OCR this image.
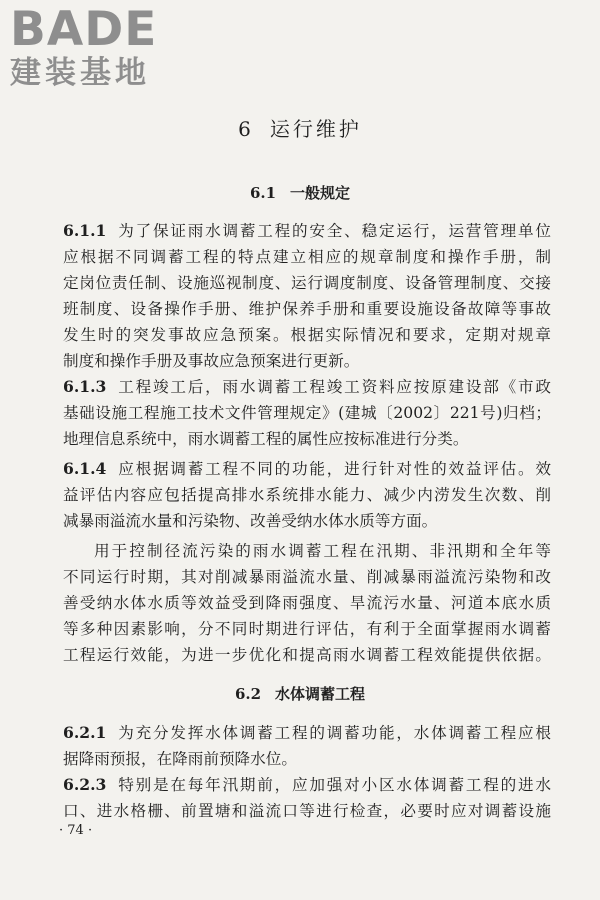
BADE
建装基地
6 运行维护
6.1 一般规定
6.1.1 为了保证雨水调蓄工程的安全、稳定运行，运营管理单位
应根据不同调蓄工程的特点建立相应的规章制度和操作手册，制
定岗位责任制、设施巡视制度、运行调度制度、设备管理制度、交接
班制度、设备操作手册、维护保养手册和重要设施设备故障等事故
发生时的突发事故应急预案。根据实际情况和要求，定期对规章
制度和操作手册及事故应急预案进行更新。
6.1.3 工程竣工后，雨水调蓄工程竣工资料应按原建设部《市政
基础设施工程施工技术文件管理规定》(建城〔2002〕221号)归档；
地理信息系统中，雨水调蓄工程的属性应按标准进行分类。
6.1.4 应根据调蓄工程不同的功能，进行针对性的效益评估。效
益评估内容应包括提高排水系统排水能力、减少内涝发生次数、削
减暴雨溢流水量和污染物、改善受纳水体水质等方面。
用于控制径流污染的雨水调蓄工程在汛期、非汛期和全年等
不同运行时期，其对削减暴雨溢流水量、削减暴雨溢流污染物和改
善受纳水体水质等效益受到降雨强度、旱流污水量、河道本底水质
等多种因素影响，分不同时期进行评估，有利于全面掌握雨水调蓄
工程运行效能，为进一步优化和提高雨水调蓄工程效能提供依据。
6.2 水体调蓄工程
6.2.1 为充分发挥水体调蓄工程的调蓄功能，水体调蓄工程应根
据降雨预报，在降雨前预降水位。
6.2.3 特别是在每年汛期前，应加强对小区水体调蓄工程的进水
口、进水格栅、前置塘和溢流口等进行检查，必要时应对调蓄设施
· 74 ·
